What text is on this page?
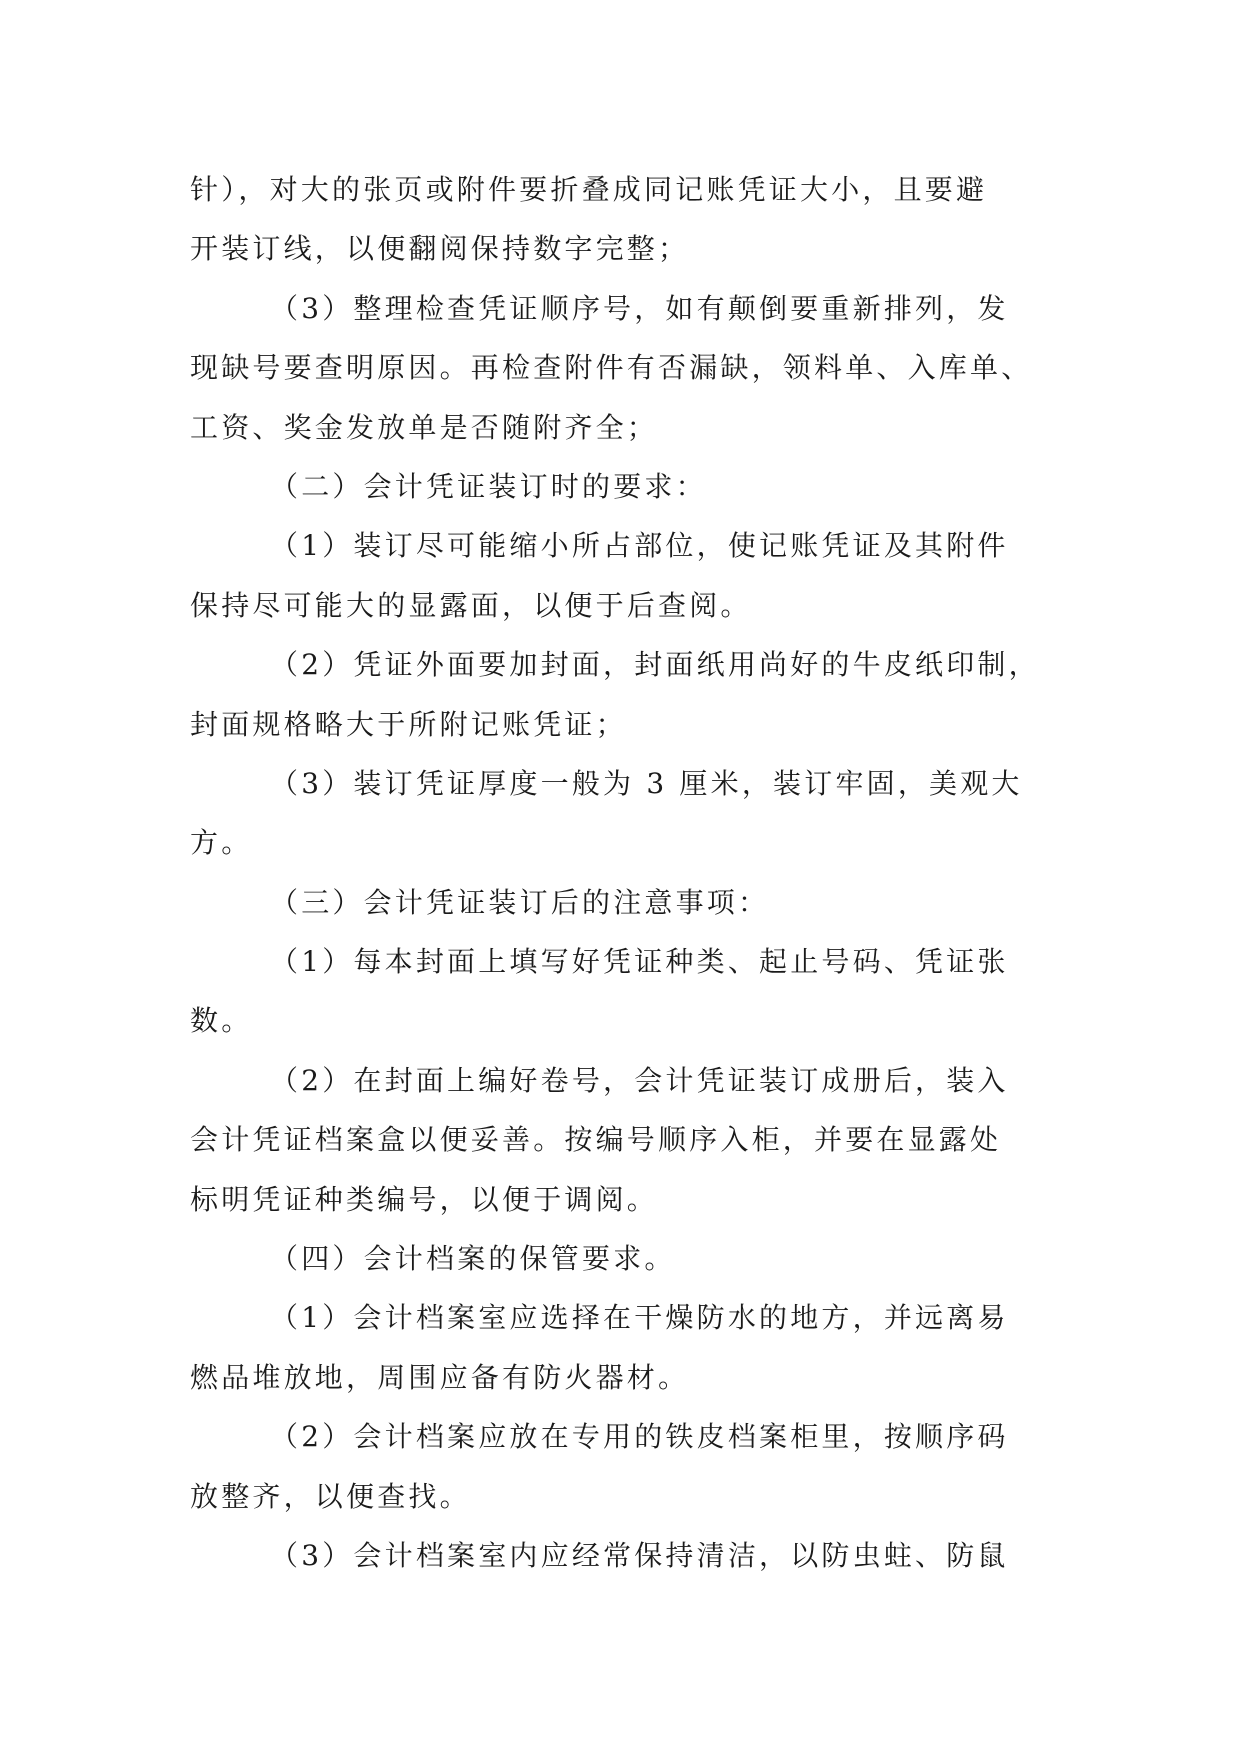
针），对大的张页或附件要折叠成同记账凭证大小，且要避
开装订线，以便翻阅保持数字完整；
（3）整理检查凭证顺序号，如有颠倒要重新排列，发
现缺号要查明原因。再检查附件有否漏缺，领料单、入库单、
工资、奖金发放单是否随附齐全；
（二）会计凭证装订时的要求：
（1）装订尽可能缩小所占部位，使记账凭证及其附件
保持尽可能大的显露面，以便于后查阅。
（2）凭证外面要加封面，封面纸用尚好的牛皮纸印制，
封面规格略大于所附记账凭证；
（3）装订凭证厚度一般为 3 厘米，装订牢固，美观大
方。
（三）会计凭证装订后的注意事项：
（1）每本封面上填写好凭证种类、起止号码、凭证张
数。
（2）在封面上编好卷号，会计凭证装订成册后，装入
会计凭证档案盒以便妥善。按编号顺序入柜，并要在显露处
标明凭证种类编号，以便于调阅。
（四）会计档案的保管要求。
（1）会计档案室应选择在干燥防水的地方，并远离易
燃品堆放地，周围应备有防火器材。
（2）会计档案应放在专用的铁皮档案柜里，按顺序码
放整齐，以便查找。
（3）会计档案室内应经常保持清洁，以防虫蛀、防鼠
